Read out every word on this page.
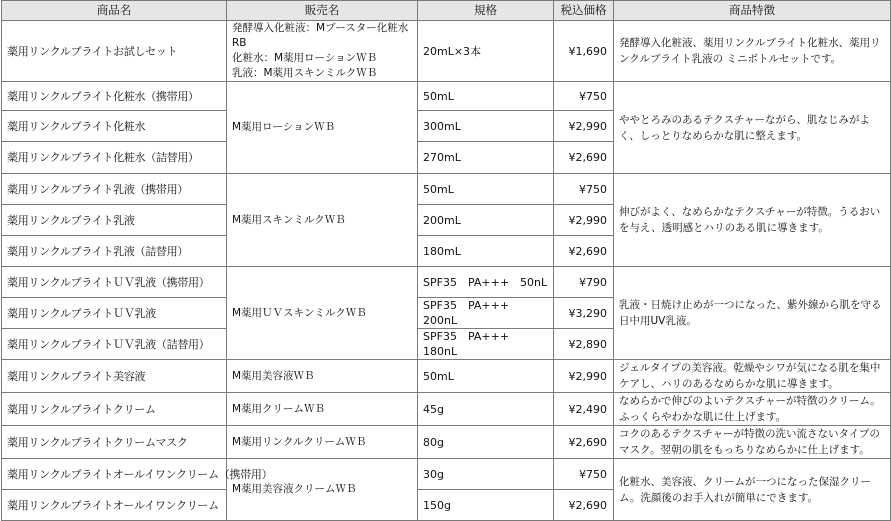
商品名	販売名	規格	税込価格	商品特徴
薬用リンクルブライトお試しセット	発酵導入化粧液：Mブースター化粧水RB
化粧水：M薬用ローションＷＢ
乳液：M薬用スキンミルクＷＢ	20mL×3本	¥1,690	発酵導入化粧液、薬用リンクルブライト化粧水、薬用リンクルブライト乳液の ミニボトルセットです。
薬用リンクルブライト化粧水（携帯用）	M薬用ローションＷＢ	50mL	¥750	ややとろみのあるテクスチャーながら、肌なじみがよく、しっとりなめらかな肌に整えます。
薬用リンクルブライト化粧水		300mL	¥2,990	
薬用リンクルブライト化粧水（詰替用）		270mL	¥2,690	
薬用リンクルブライト乳液（携帯用）	M薬用スキンミルクＷＢ	50mL	¥750	伸びがよく、なめらかなテクスチャーが特徴。うるおいを与え、透明感とハリのある肌に導きます。
薬用リンクルブライト乳液		200mL	¥2,990	
薬用リンクルブライト乳液（詰替用）		180mL	¥2,690	
薬用リンクルブライトＵＶ乳液（携帯用）	M薬用ＵＶスキンミルクＷＢ	SPF35　PA+++　50nL	¥790	乳液・日焼け止めが一つになった、紫外線から肌を守る日中用UV乳液。
薬用リンクルブライトＵＶ乳液		SPF35　PA+++　200nL	¥3,290	
薬用リンクルブライトＵＶ乳液（詰替用）		SPF35　PA+++　180nL	¥2,890	
薬用リンクルブライト美容液	M薬用美容液ＷＢ	50mL	¥2,990	ジェルタイプの美容液。乾燥やシワが気になる肌を集中ケアし、ハリのあるなめらかな肌に導きます。
薬用リンクルブライトクリーム	M薬用クリームＷＢ	45g	¥2,490	なめらかで伸びのよいテクスチャーが特徴のクリーム。ふっくらやわかな肌に仕上げます。
薬用リンクルブライトクリームマスク	M薬用リンクルクリームＷＢ	80g	¥2,690	コクのあるテクスチャーが特徴の洗い流さないタイプのマスク。翌朝の肌をもっちりなめらかに仕上げます。
薬用リンクルブライトオールイワンクリーム（携帯用）	M薬用美容液クリームＷＢ	30g	¥750	化粧水、美容液、クリームが一つになった保湿クリーム。洗顔後のお手入れが簡単にできます。
薬用リンクルブライトオールイワンクリーム		150g	¥2,690	
